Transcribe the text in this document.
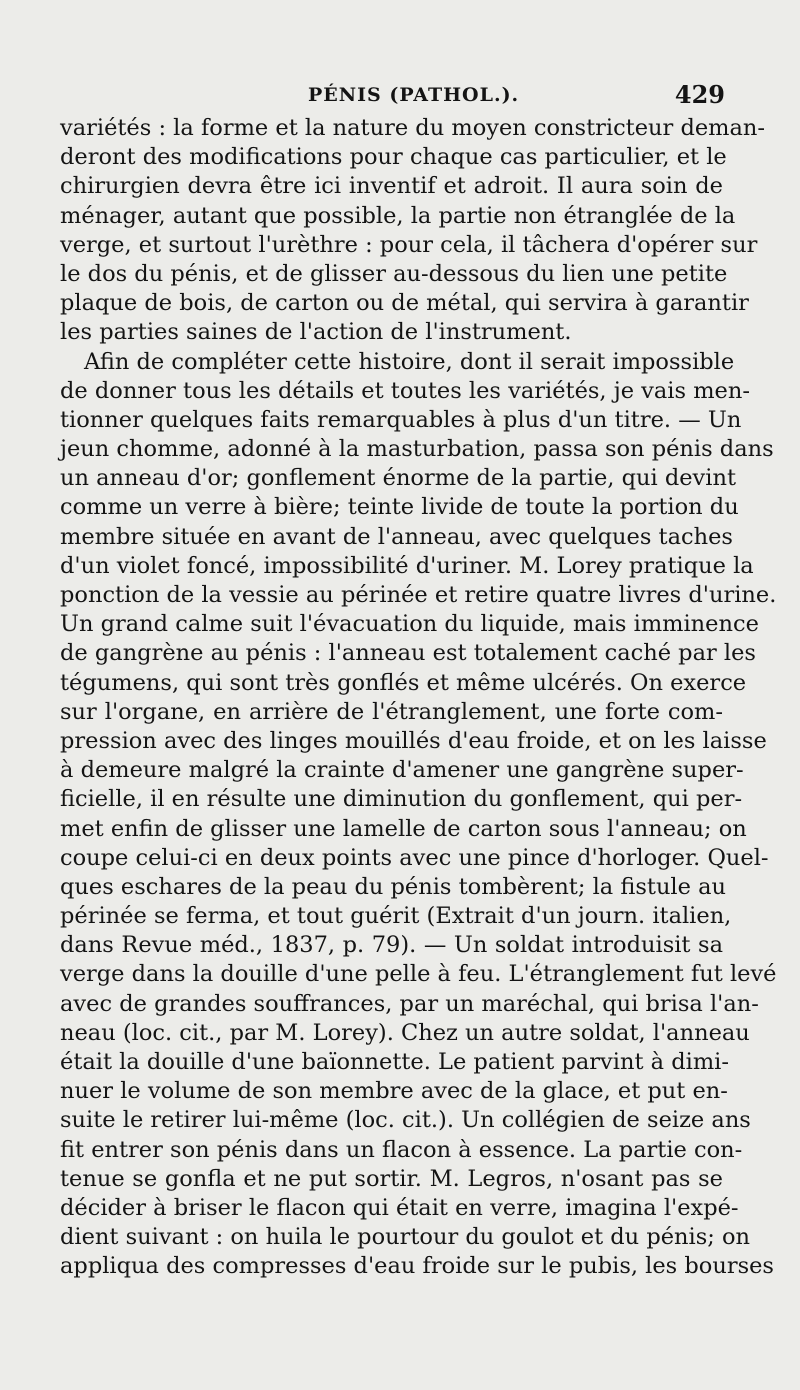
PÉNIS (PATHOL.).	429
variétés : la forme et la nature du moyen constricteur deman-
deront des modifications pour chaque cas particulier, et le
chirurgien devra être ici inventif et adroit. Il aura soin de
ménager, autant que possible, la partie non étranglée de la
verge, et surtout l'urèthre : pour cela, il tâchera d'opérer sur
le dos du pénis, et de glisser au-dessous du lien une petite
plaque de bois, de carton ou de métal, qui servira à garantir
les parties saines de l'action de l'instrument.
Afin de compléter cette histoire, dont il serait impossible
de donner tous les détails et toutes les variétés, je vais men-
tionner quelques faits remarquables à plus d'un titre. — Un
jeun chomme, adonné à la masturbation, passa son pénis dans
un anneau d'or; gonflement énorme de la partie, qui devint
comme un verre à bière; teinte livide de toute la portion du
membre située en avant de l'anneau, avec quelques taches
d'un violet foncé, impossibilité d'uriner. M. Lorey pratique la
ponction de la vessie au périnée et retire quatre livres d'urine.
Un grand calme suit l'évacuation du liquide, mais imminence
de gangrène au pénis : l'anneau est totalement caché par les
tégumens, qui sont très gonflés et même ulcérés. On exerce
sur l'organe, en arrière de l'étranglement, une forte com-
pression avec des linges mouillés d'eau froide, et on les laisse
à demeure malgré la crainte d'amener une gangrène super-
ficielle, il en résulte une diminution du gonflement, qui per-
met enfin de glisser une lamelle de carton sous l'anneau; on
coupe celui-ci en deux points avec une pince d'horloger. Quel-
ques eschares de la peau du pénis tombèrent; la fistule au
périnée se ferma, et tout guérit (Extrait d'un journ. italien,
dans Revue méd., 1837, p. 79). — Un soldat introduisit sa
verge dans la douille d'une pelle à feu. L'étranglement fut levé
avec de grandes souffrances, par un maréchal, qui brisa l'an-
neau (loc. cit., par M. Lorey). Chez un autre soldat, l'anneau
était la douille d'une baïonnette. Le patient parvint à dimi-
nuer le volume de son membre avec de la glace, et put en-
suite le retirer lui-même (loc. cit.). Un collégien de seize ans
fit entrer son pénis dans un flacon à essence. La partie con-
tenue se gonfla et ne put sortir. M. Legros, n'osant pas se
décider à briser le flacon qui était en verre, imagina l'expé-
dient suivant : on huila le pourtour du goulot et du pénis; on
appliqua des compresses d'eau froide sur le pubis, les bourses
